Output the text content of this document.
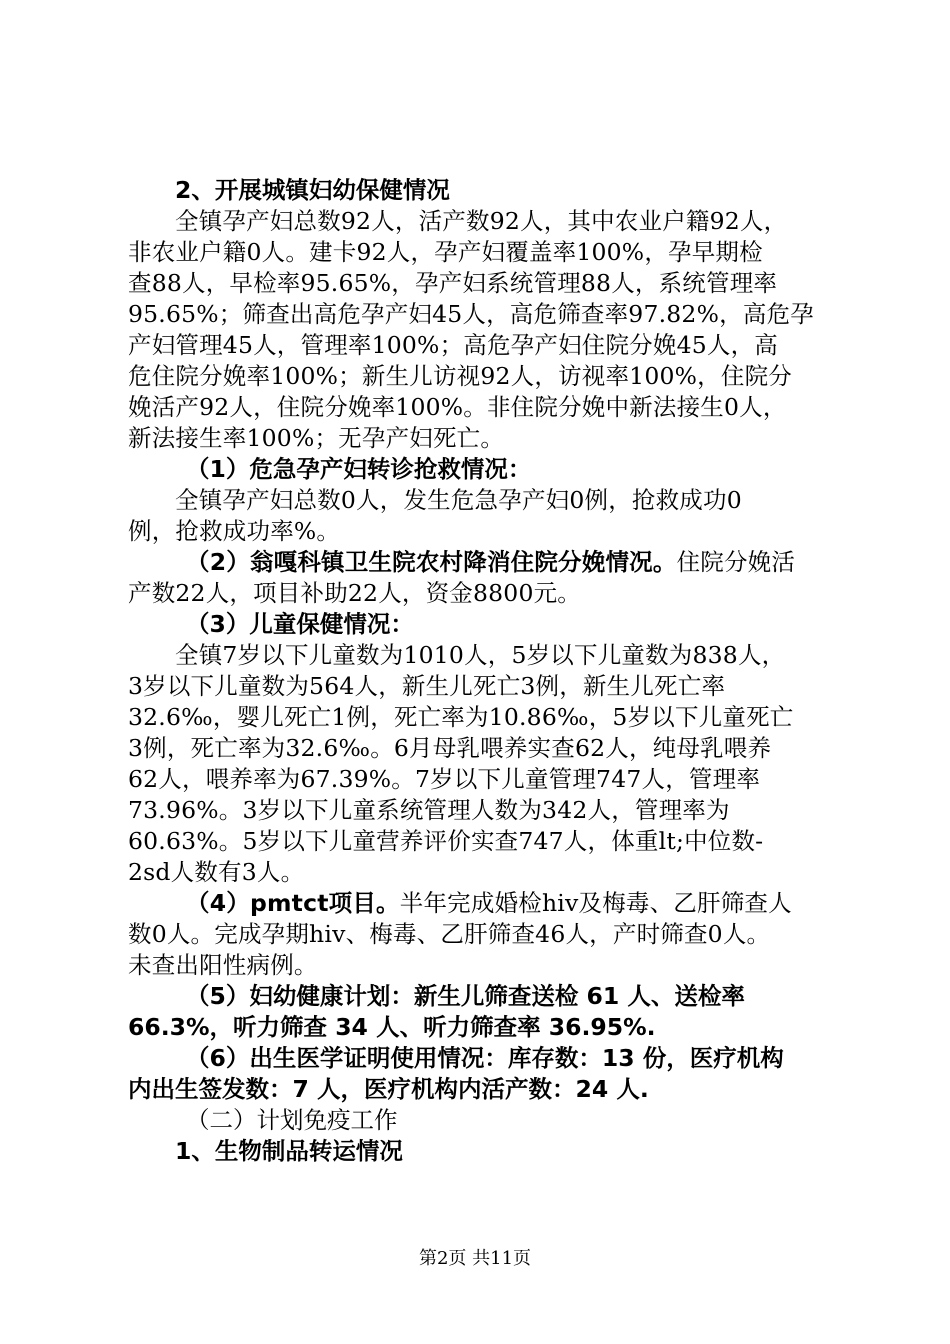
2、开展城镇妇幼保健情况

全镇孕产妇总数92人，活产数92人，其中农业户籍92人，

非农业户籍0人。建卡92人，孕产妇覆盖率100%，孕早期检

查88人，早检率95.65%，孕产妇系统管理88人，系统管理率

95.65%；筛查出高危孕产妇45人，高危筛查率97.82%，高危孕

产妇管理45人，管理率100%；高危孕产妇住院分娩45人，高

危住院分娩率100%；新生儿访视92人，访视率100%，住院分

娩活产92人，住院分娩率100%。非住院分娩中新法接生0人，

新法接生率100%；无孕产妇死亡。

（1）危急孕产妇转诊抢救情况：

全镇孕产妇总数0人，发生危急孕产妇0例，抢救成功0

例，抢救成功率%。

（2）翁嘎科镇卫生院农村降消住院分娩情况。住院分娩活

产数22人，项目补助22人，资金8800元。

（3）儿童保健情况：

全镇7岁以下儿童数为1010人，5岁以下儿童数为838人，

3岁以下儿童数为564人，新生儿死亡3例，新生儿死亡率

32.6‰，婴儿死亡1例，死亡率为10.86‰，5岁以下儿童死亡

3例，死亡率为32.6‰。6月母乳喂养实查62人，纯母乳喂养

62人，喂养率为67.39%。7岁以下儿童管理747人，管理率

73.96%。3岁以下儿童系统管理人数为342人，管理率为

60.63%。5岁以下儿童营养评价实查747人，体重lt;中位数-

2sd人数有3人。

（4）pmtct项目。半年完成婚检hiv及梅毒、乙肝筛查人

数0人。完成孕期hiv、梅毒、乙肝筛查46人，产时筛查0人。

未查出阳性病例。

（5）妇幼健康计划：新生儿筛查送检 61 人、送检率

66.3%，听力筛查 34 人、听力筛查率 36.95%.

（6）出生医学证明使用情况：库存数：13 份，医疗机构

内出生签发数：7 人，医疗机构内活产数：24 人.

（二）计划免疫工作

1、生物制品转运情况

第2页 共11页
